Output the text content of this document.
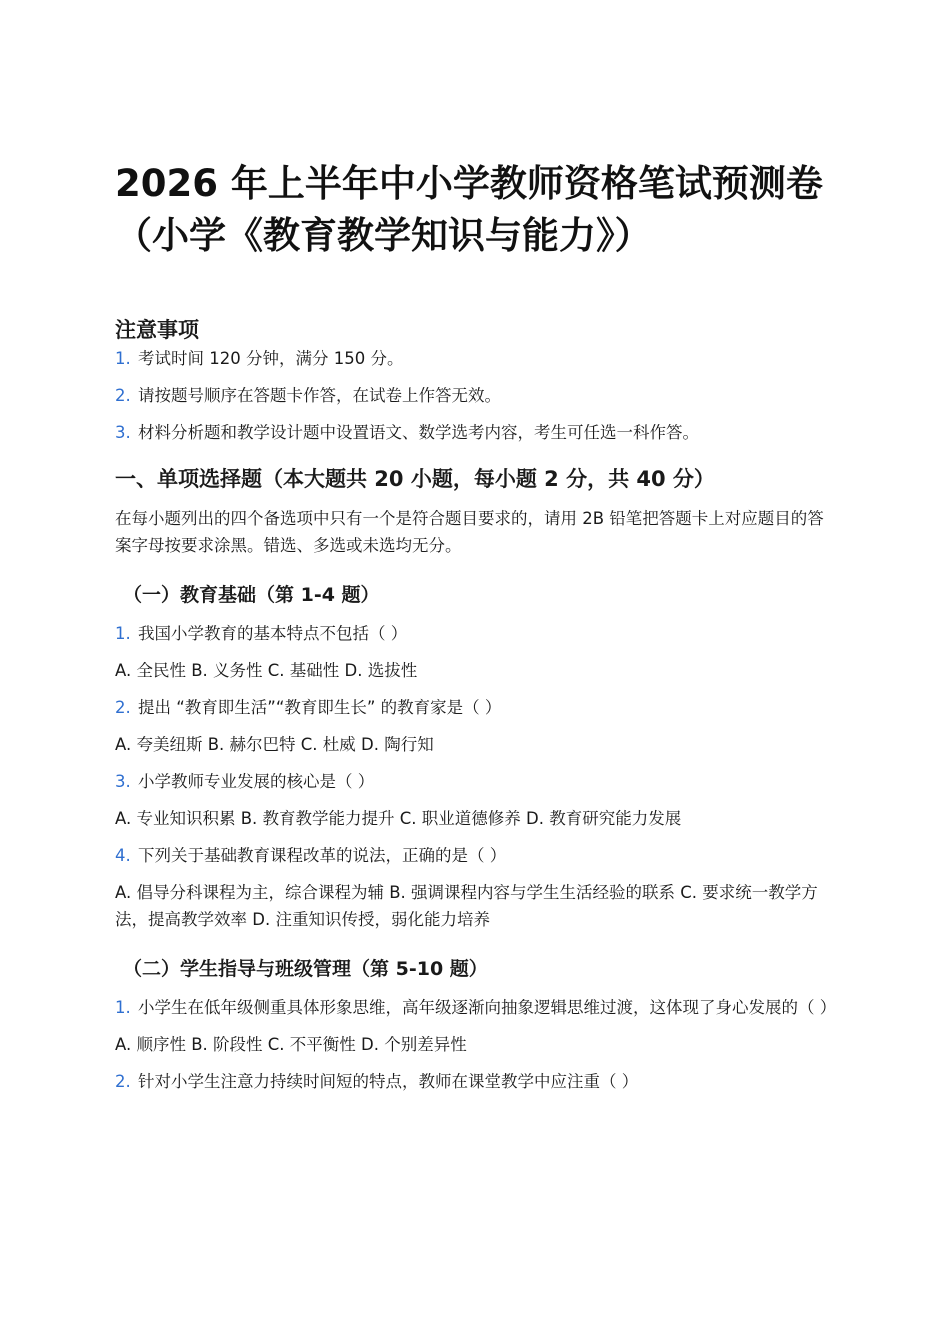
2026 年上半年中小学教师资格笔试预测卷（小学《教育教学知识与能力》）
注意事项
1. 考试时间 120 分钟，满分 150 分。
2. 请按题号顺序在答题卡作答，在试卷上作答无效。
3. 材料分析题和教学设计题中设置语文、数学选考内容，考生可任选一科作答。
一、单项选择题（本大题共 20 小题，每小题 2 分，共 40 分）

在每小题列出的四个备选项中只有一个是符合题目要求的，请用 2B 铅笔把答题卡上对应题目的答案字母按要求涂黑。错选、多选或未选均无分。

（一）教育基础（第 1-4 题）
1. 我国小学教育的基本特点不包括（ ）
A. 全民性 B. 义务性 C. 基础性 D. 选拔性
2. 提出 “教育即生活”“教育即生长” 的教育家是（ ）
A. 夸美纽斯 B. 赫尔巴特 C. 杜威 D. 陶行知
3. 小学教师专业发展的核心是（ ）
A. 专业知识积累 B. 教育教学能力提升 C. 职业道德修养 D. 教育研究能力发展
4. 下列关于基础教育课程改革的说法，正确的是（ ）
A. 倡导分科课程为主，综合课程为辅 B. 强调课程内容与学生生活经验的联系 C. 要求统一教学方法，提高教学效率 D. 注重知识传授，弱化能力培养
（二）学生指导与班级管理（第 5-10 题）
1. 小学生在低年级侧重具体形象思维，高年级逐渐向抽象逻辑思维过渡，这体现了身心发展的（ ）
A. 顺序性 B. 阶段性 C. 不平衡性 D. 个别差异性
2. 针对小学生注意力持续时间短的特点，教师在课堂教学中应注重（ ）
